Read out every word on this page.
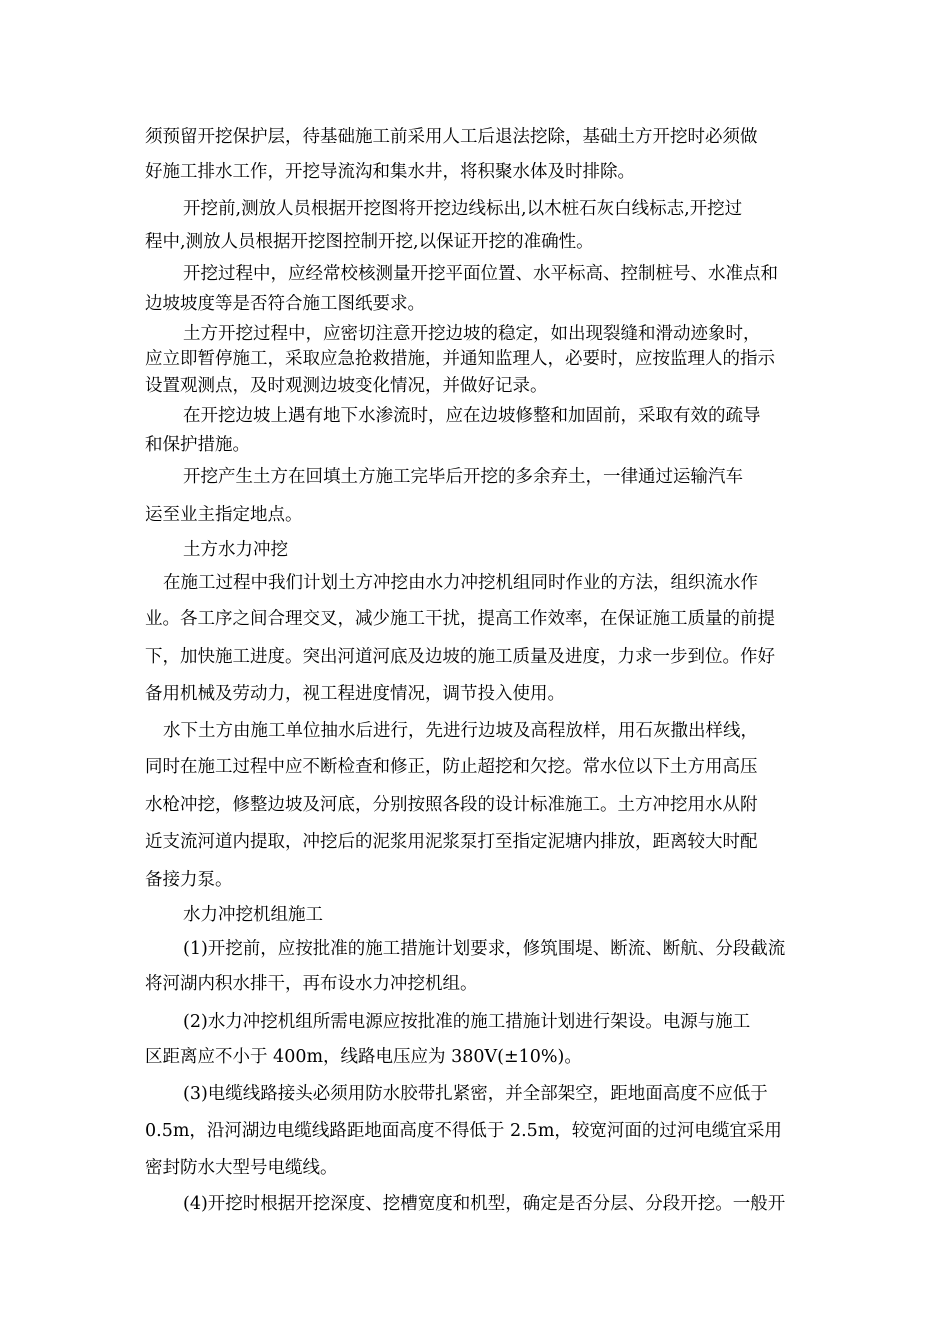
须预留开挖保护层，待基础施工前采用人工后退法挖除，基础土方开挖时必须做
好施工排水工作，开挖导流沟和集水井，将积聚水体及时排除。
开挖前,测放人员根据开挖图将开挖边线标出,以木桩石灰白线标志,开挖过
程中,测放人员根据开挖图控制开挖,以保证开挖的准确性。
开挖过程中，应经常校核测量开挖平面位置、水平标高、控制桩号、水准点和
边坡坡度等是否符合施工图纸要求。
土方开挖过程中，应密切注意开挖边坡的稳定，如出现裂缝和滑动迹象时，
应立即暂停施工，采取应急抢救措施，并通知监理人，必要时，应按监理人的指示
设置观测点，及时观测边坡变化情况，并做好记录。
在开挖边坡上遇有地下水渗流时，应在边坡修整和加固前，采取有效的疏导
和保护措施。
开挖产生土方在回填土方施工完毕后开挖的多余弃土，一律通过运输汽车
运至业主指定地点。
土方水力冲挖
在施工过程中我们计划土方冲挖由水力冲挖机组同时作业的方法，组织流水作
业。各工序之间合理交叉，减少施工干扰，提高工作效率，在保证施工质量的前提
下，加快施工进度。突出河道河底及边坡的施工质量及进度，力求一步到位。作好
备用机械及劳动力，视工程进度情况，调节投入使用。
水下土方由施工单位抽水后进行，先进行边坡及高程放样，用石灰撒出样线，
同时在施工过程中应不断检查和修正，防止超挖和欠挖。常水位以下土方用高压
水枪冲挖，修整边坡及河底，分别按照各段的设计标准施工。土方冲挖用水从附
近支流河道内提取，冲挖后的泥浆用泥浆泵打至指定泥塘内排放，距离较大时配
备接力泵。
水力冲挖机组施工
(1)开挖前，应按批准的施工措施计划要求，修筑围堤、断流、断航、分段截流
将河湖内积水排干，再布设水力冲挖机组。
(2)水力冲挖机组所需电源应按批准的施工措施计划进行架设。电源与施工
区距离应不小于 400m，线路电压应为 380V(±10%)。
(3)电缆线路接头必须用防水胶带扎紧密，并全部架空，距地面高度不应低于
0.5m，沿河湖边电缆线路距地面高度不得低于 2.5m，较宽河面的过河电缆宜采用
密封防水大型号电缆线。
(4)开挖时根据开挖深度、挖槽宽度和机型，确定是否分层、分段开挖。一般开
